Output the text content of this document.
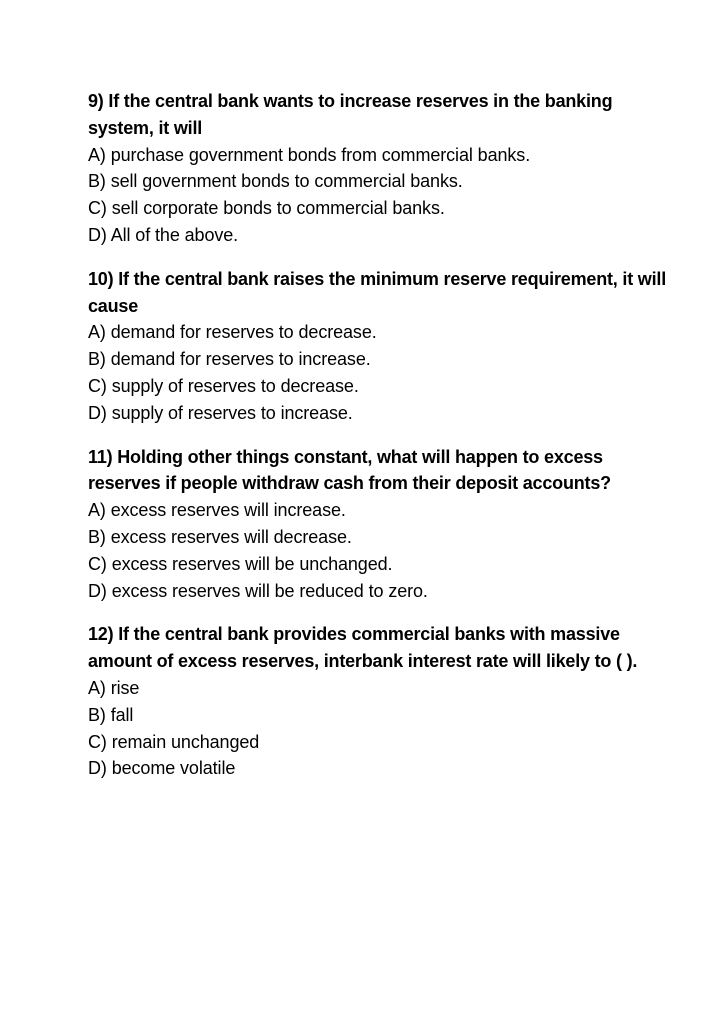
9) If the central bank wants to increase reserves in the banking system, it will
A) purchase government bonds from commercial banks.
B) sell government bonds to commercial banks.
C) sell corporate bonds to commercial banks.
D) All of the above.
10) If the central bank raises the minimum reserve requirement, it will cause
A) demand for reserves to decrease.
B) demand for reserves to increase.
C) supply of reserves to decrease.
D) supply of reserves to increase.
11) Holding other things constant, what will happen to excess reserves if people withdraw cash from their deposit accounts?
A) excess reserves will increase.
B) excess reserves will decrease.
C) excess reserves will be unchanged.
D) excess reserves will be reduced to zero.
12) If the central bank provides commercial banks with massive amount of excess reserves, interbank interest rate will likely to ( ).
A) rise
B) fall
C) remain unchanged
D) become volatile
